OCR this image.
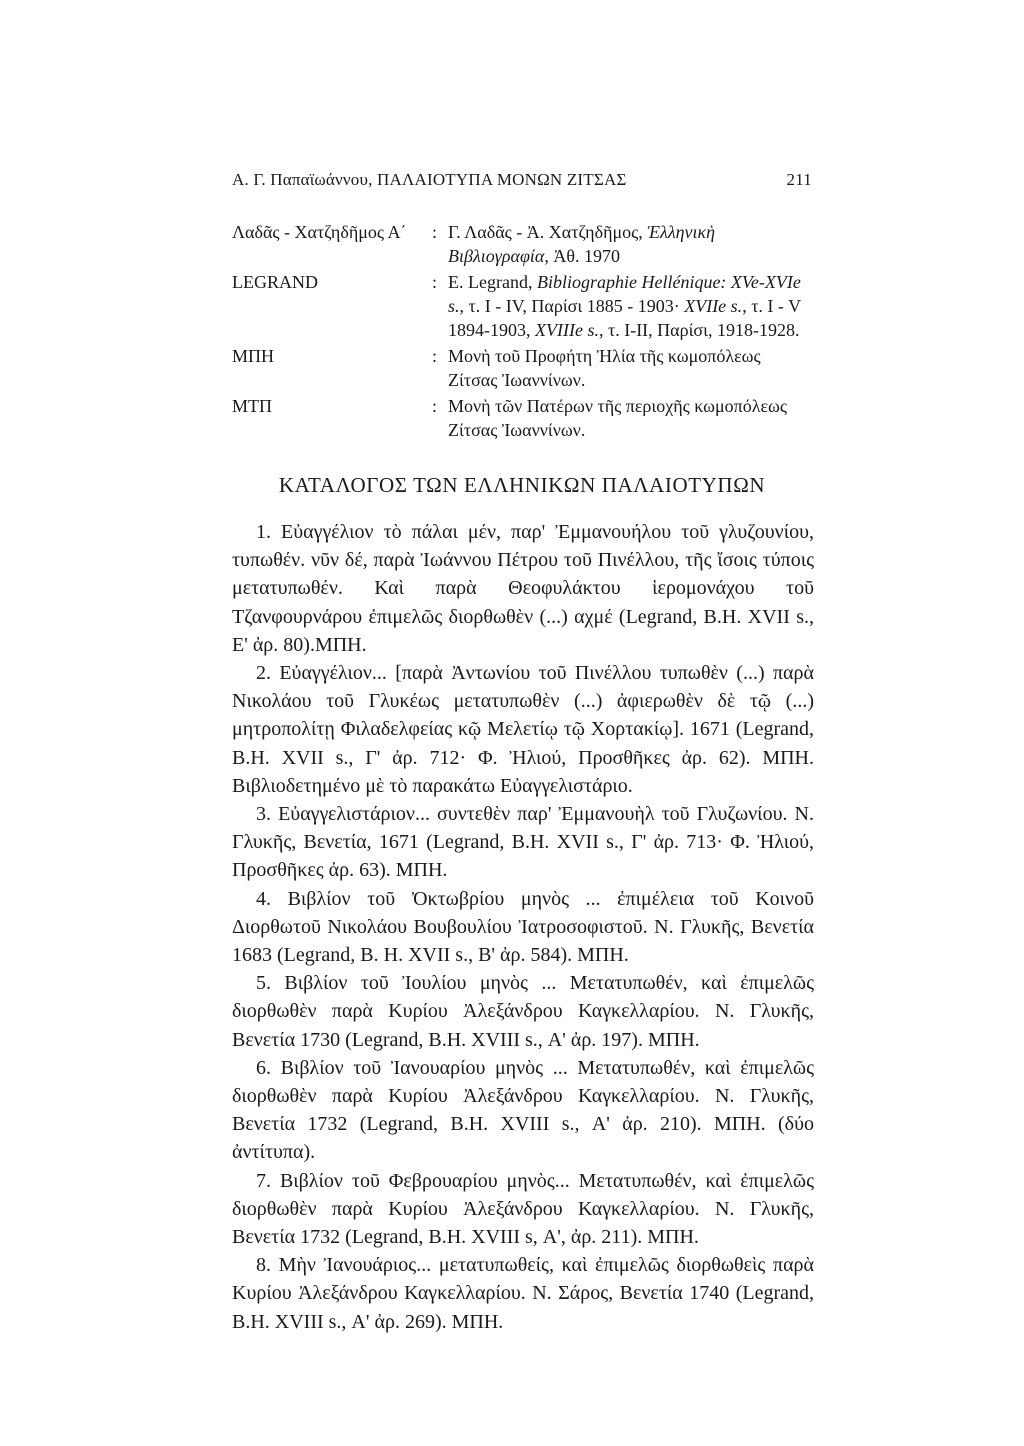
Α. Γ. Παπαϊωάννου, ΠΑΛΑΙΟΤΥΠΑ ΜΟΝΩΝ ΖΙΤΣΑΣ	211
Λαδᾶς - Χατζηδῆμος Α΄	: Γ. Λαδᾶς - Ἀ. Χατζηδῆμος, Ἑλληνικὴ Βιβλιογραφία, Ἀθ. 1970
LEGRAND	: E. Legrand, Bibliographie Hellénique: XVe-XVIe s., τ. I - IV, Παρίσι 1885 - 1903· XVIIe s., τ. I - V 1894-1903, XVIIIe s., τ. I-II, Παρίσι, 1918-1928.
ΜΠΗ	: Μονὴ τοῦ Προφήτη Ἠλία τῆς κωμοπόλεως Ζίτσας Ἰωαννίνων.
ΜΤΠ	: Μονὴ τῶν Πατέρων τῆς περιοχῆς κωμοπόλεως Ζίτσας Ἰωαννίνων.
ΚΑΤΑΛΟΓΟΣ ΤΩΝ ΕΛΛΗΝΙΚΩΝ ΠΑΛΑΙΟΤΥΠΩΝ

1. Εὐαγγέλιον τὸ πάλαι μέν, παρ' Ἐμμανουήλου τοῦ γλυζουνίου, τυπωθέν. νῦν δέ, παρὰ Ἰωάννου Πέτρου τοῦ Πινέλλου, τῆς ἴσοις τύποις μετατυπωθέν. Καὶ παρὰ Θεοφυλάκτου ἱερομονάχου τοῦ Τζανφουρνάρου ἐπιμελῶς διορθωθὲν (...) αχμέ (Legrand, B.H. XVII s., Ε' ἀρ. 80).ΜΠΗ.

2. Εὐαγγέλιον... [παρὰ Ἀντωνίου τοῦ Πινέλλου τυπωθὲν (...) παρὰ Νικολάου τοῦ Γλυκέως μετατυπωθὲν (...) ἀφιερωθὲν δὲ τῷ (...) μητροπολίτῃ Φιλαδελφείας κῷ Μελετίῳ τῷ Χορτακίῳ]. 1671 (Legrand, B.H. XVII s., Γ' ἀρ. 712· Φ. Ἠλιού, Προσθῆκες ἀρ. 62). ΜΠΗ. Βιβλιοδετημένο μὲ τὸ παρακάτω Εὐαγγελιστάριο.

3. Εὐαγγελιστάριον... συντεθὲν παρ' Ἐμμανουὴλ τοῦ Γλυζωνίου. Ν. Γλυκῆς, Βενετία, 1671 (Legrand, B.H. XVII s., Γ' ἀρ. 713· Φ. Ἠλιού, Προσθῆκες ἀρ. 63). ΜΠΗ.

4. Βιβλίον τοῦ Ὀκτωβρίου μηνὸς ... ἐπιμέλεια τοῦ Κοινοῦ Διορθωτοῦ Νικολάου Βουβουλίου Ἰατροσοφιστοῦ. Ν. Γλυκῆς, Βενετία 1683 (Legrand, B. H. XVII s., B' ἀρ. 584). ΜΠΗ.

5. Βιβλίον τοῦ Ἰουλίου μηνὸς ... Μετατυπωθέν, καὶ ἐπιμελῶς διορθωθὲν παρὰ Κυρίου Ἀλεξάνδρου Καγκελλαρίου. Ν. Γλυκῆς, Βενετία 1730 (Legrand, B.H. XVIII s., Α' ἀρ. 197). ΜΠΗ.

6. Βιβλίον τοῦ Ἰανουαρίου μηνὸς ... Μετατυπωθέν, καὶ ἐπιμελῶς διορθωθὲν παρὰ Κυρίου Ἀλεξάνδρου Καγκελλαρίου. Ν. Γλυκῆς, Βενετία 1732 (Legrand, B.H. XVIII s., Α' ἀρ. 210). ΜΠΗ. (δύο ἀντίτυπα).

7. Βιβλίον τοῦ Φεβρουαρίου μηνὸς... Μετατυπωθέν, καὶ ἐπιμελῶς διορθωθὲν παρὰ Κυρίου Ἀλεξάνδρου Καγκελλαρίου. Ν. Γλυκῆς, Βενετία 1732 (Legrand, B.H. XVIII s, Α', ἀρ. 211). ΜΠΗ.

8. Μὴν Ἰανουάριος... μετατυπωθείς, καὶ ἐπιμελῶς διορθωθεὶς παρὰ Κυρίου Ἀλεξάνδρου Καγκελλαρίου. Ν. Σάρος, Βενετία 1740 (Legrand, B.H. XVIII s., Α' ἀρ. 269). ΜΠΗ.
